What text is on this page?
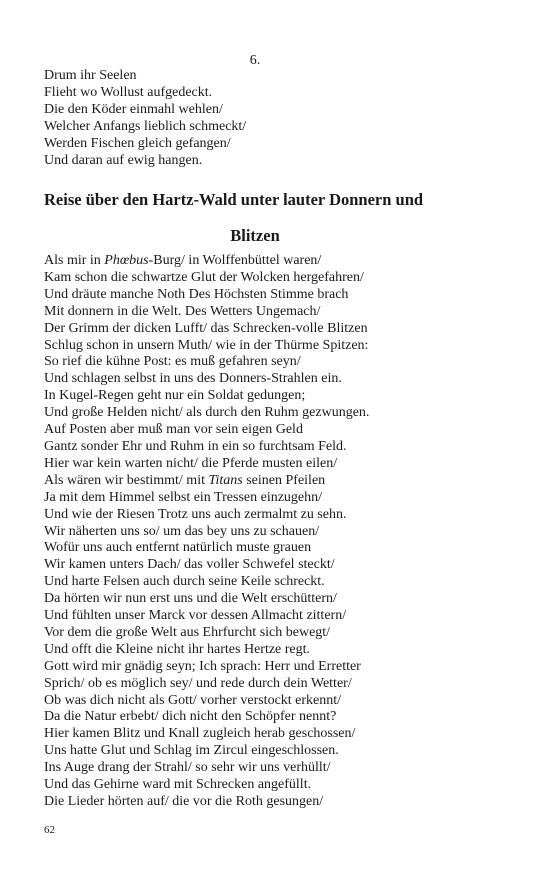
6.
Drum ihr Seelen
Flieht wo Wollust aufgedeckt.
Die den Köder einmahl wehlen/
Welcher Anfangs lieblich schmeckt/
Werden Fischen gleich gefangen/
Und daran auf ewig hangen.
Reise über den Hartz-Wald unter lauter Donnern und
Blitzen
Als mir in Phœbus-Burg/ in Wolffenbüttel waren/
Kam schon die schwartze Glut der Wolcken hergefahren/
Und dräute manche Noth Des Höchsten Stimme brach
Mit donnern in die Welt. Des Wetters Ungemach/
Der Grimm der dicken Lufft/ das Schrecken-volle Blitzen
Schlug schon in unsern Muth/ wie in der Thürme Spitzen:
So rief die kühne Post: es muß gefahren seyn/
Und schlagen selbst in uns des Donners-Strahlen ein.
In Kugel-Regen geht nur ein Soldat gedungen;
Und große Helden nicht/ als durch den Ruhm gezwungen.
Auf Posten aber muß man vor sein eigen Geld
Gantz sonder Ehr und Ruhm in ein so furchtsam Feld.
Hier war kein warten nicht/ die Pferde musten eilen/
Als wären wir bestimmt/ mit Titans seinen Pfeilen
Ja mit dem Himmel selbst ein Tressen einzugehn/
Und wie der Riesen Trotz uns auch zermalmt zu sehn.
Wir näherten uns so/ um das bey uns zu schauen/
Wofür uns auch entfernt natürlich muste grauen
Wir kamen unters Dach/ das voller Schwefel steckt/
Und harte Felsen auch durch seine Keile schreckt.
Da hörten wir nun erst uns und die Welt erschüttern/
Und fühlten unser Marck vor dessen Allmacht zittern/
Vor dem die große Welt aus Ehrfurcht sich bewegt/
Und offt die Kleine nicht ihr hartes Hertze regt.
Gott wird mir gnädig seyn; Ich sprach: Herr und Erretter
Sprich/ ob es möglich sey/ und rede durch dein Wetter/
Ob was dich nicht als Gott/ vorher verstockt erkennt/
Da die Natur erbebt/ dich nicht den Schöpfer nennt?
Hier kamen Blitz und Knall zugleich herab geschossen/
Uns hatte Glut und Schlag im Zircul eingeschlossen.
Ins Auge drang der Strahl/ so sehr wir uns verhüllt/
Und das Gehirne ward mit Schrecken angefüllt.
Die Lieder hörten auf/ die vor die Roth gesungen/
62
